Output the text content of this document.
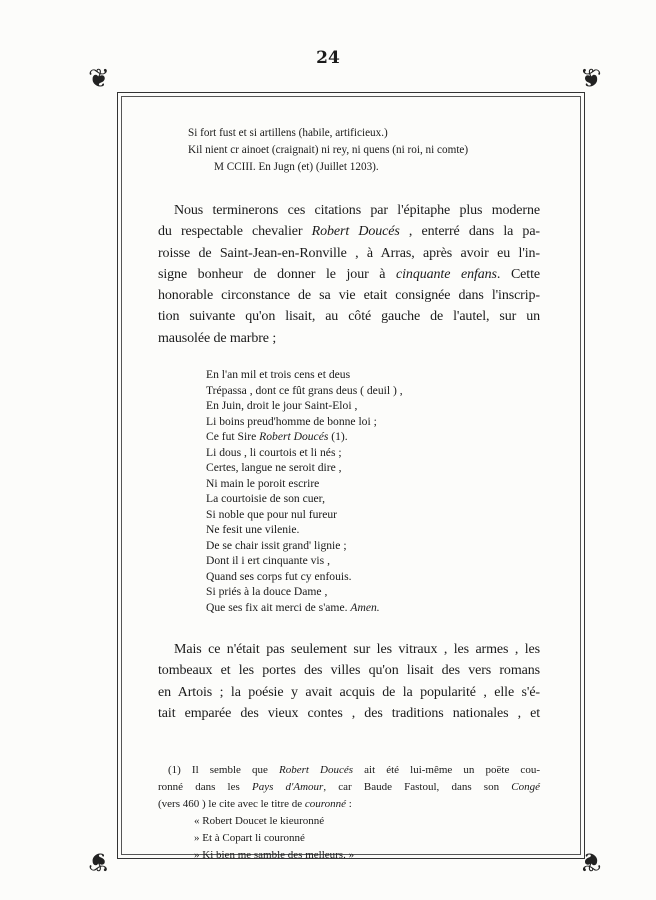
24
❦	❦
❦	❦
Si fort fust et si artillens (habile, artificieux.)
Kil nient cr ainoet (craignait) ni rey, ni quens (ni roi, ni comte)
M CCIII. En Jugn (et) (Juillet 1203).

Nous terminerons ces citations par l'épitaphe plus moderne
du respectable chevalier Robert Doucés , enterré dans la pa-
roisse de Saint-Jean-en-Ronville , à Arras, après avoir eu l'in-
signe bonheur de donner le jour à cinquante enfans. Cette
honorable circonstance de sa vie etait consignée dans l'inscrip-
tion suivante qu'on lisait, au côté gauche de l'autel, sur un
mausolée de marbre ;

En l'an mil et trois cens et deus
Trépassa , dont ce fût grans deus ( deuil ) ,
En Juin, droit le jour Saint-Eloi ,
Li boins preud'homme de bonne loi ;
Ce fut Sire Robert Doucés (1).
Li dous , li courtois et li nés ;
Certes, langue ne seroit dire ,
Ni main le poroit escrire
La courtoisie de son cuer,
Si noble que pour nul fureur
Ne fesit une vilenie.
De se chair issit grand' lignie ;
Dont il i ert cinquante vis ,
Quand ses corps fut cy enfouis.
Si priés à la douce Dame ,
Que ses fix ait merci de s'ame. Amen.

Mais ce n'était pas seulement sur les vitraux , les armes , les
tombeaux et les portes des villes qu'on lisait des vers romans
en Artois ; la poésie y avait acquis de la popularité , elle s'é-
tait emparée des vieux contes , des traditions nationales , et

(1) Il semble que Robert Doucés ait été lui-même un poëte cou-
ronné dans les Pays d'Amour, car Baude Fastoul, dans son Congé
(vers 460 ) le cite avec le titre de couronné :
« Robert Doucet le kieuronné
» Et à Copart li couronné
» Ki bien me samble des melleurs. »
